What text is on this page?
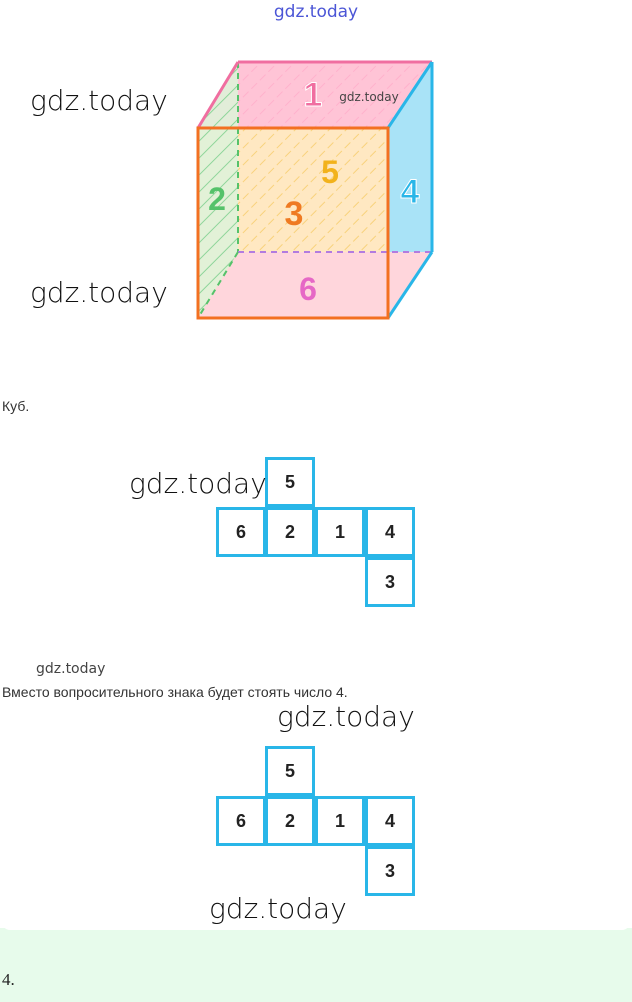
gdz.today
1
2
5
3
4
6
gdz.today
gdz.today
gdz.today
Куб.
5
6	2	1	4
3
gdz.today
gdz.today
Вместо вопросительного знака будет стоять число 4.
5
6	2	1	4
3
gdz.today
gdz.today
4.
